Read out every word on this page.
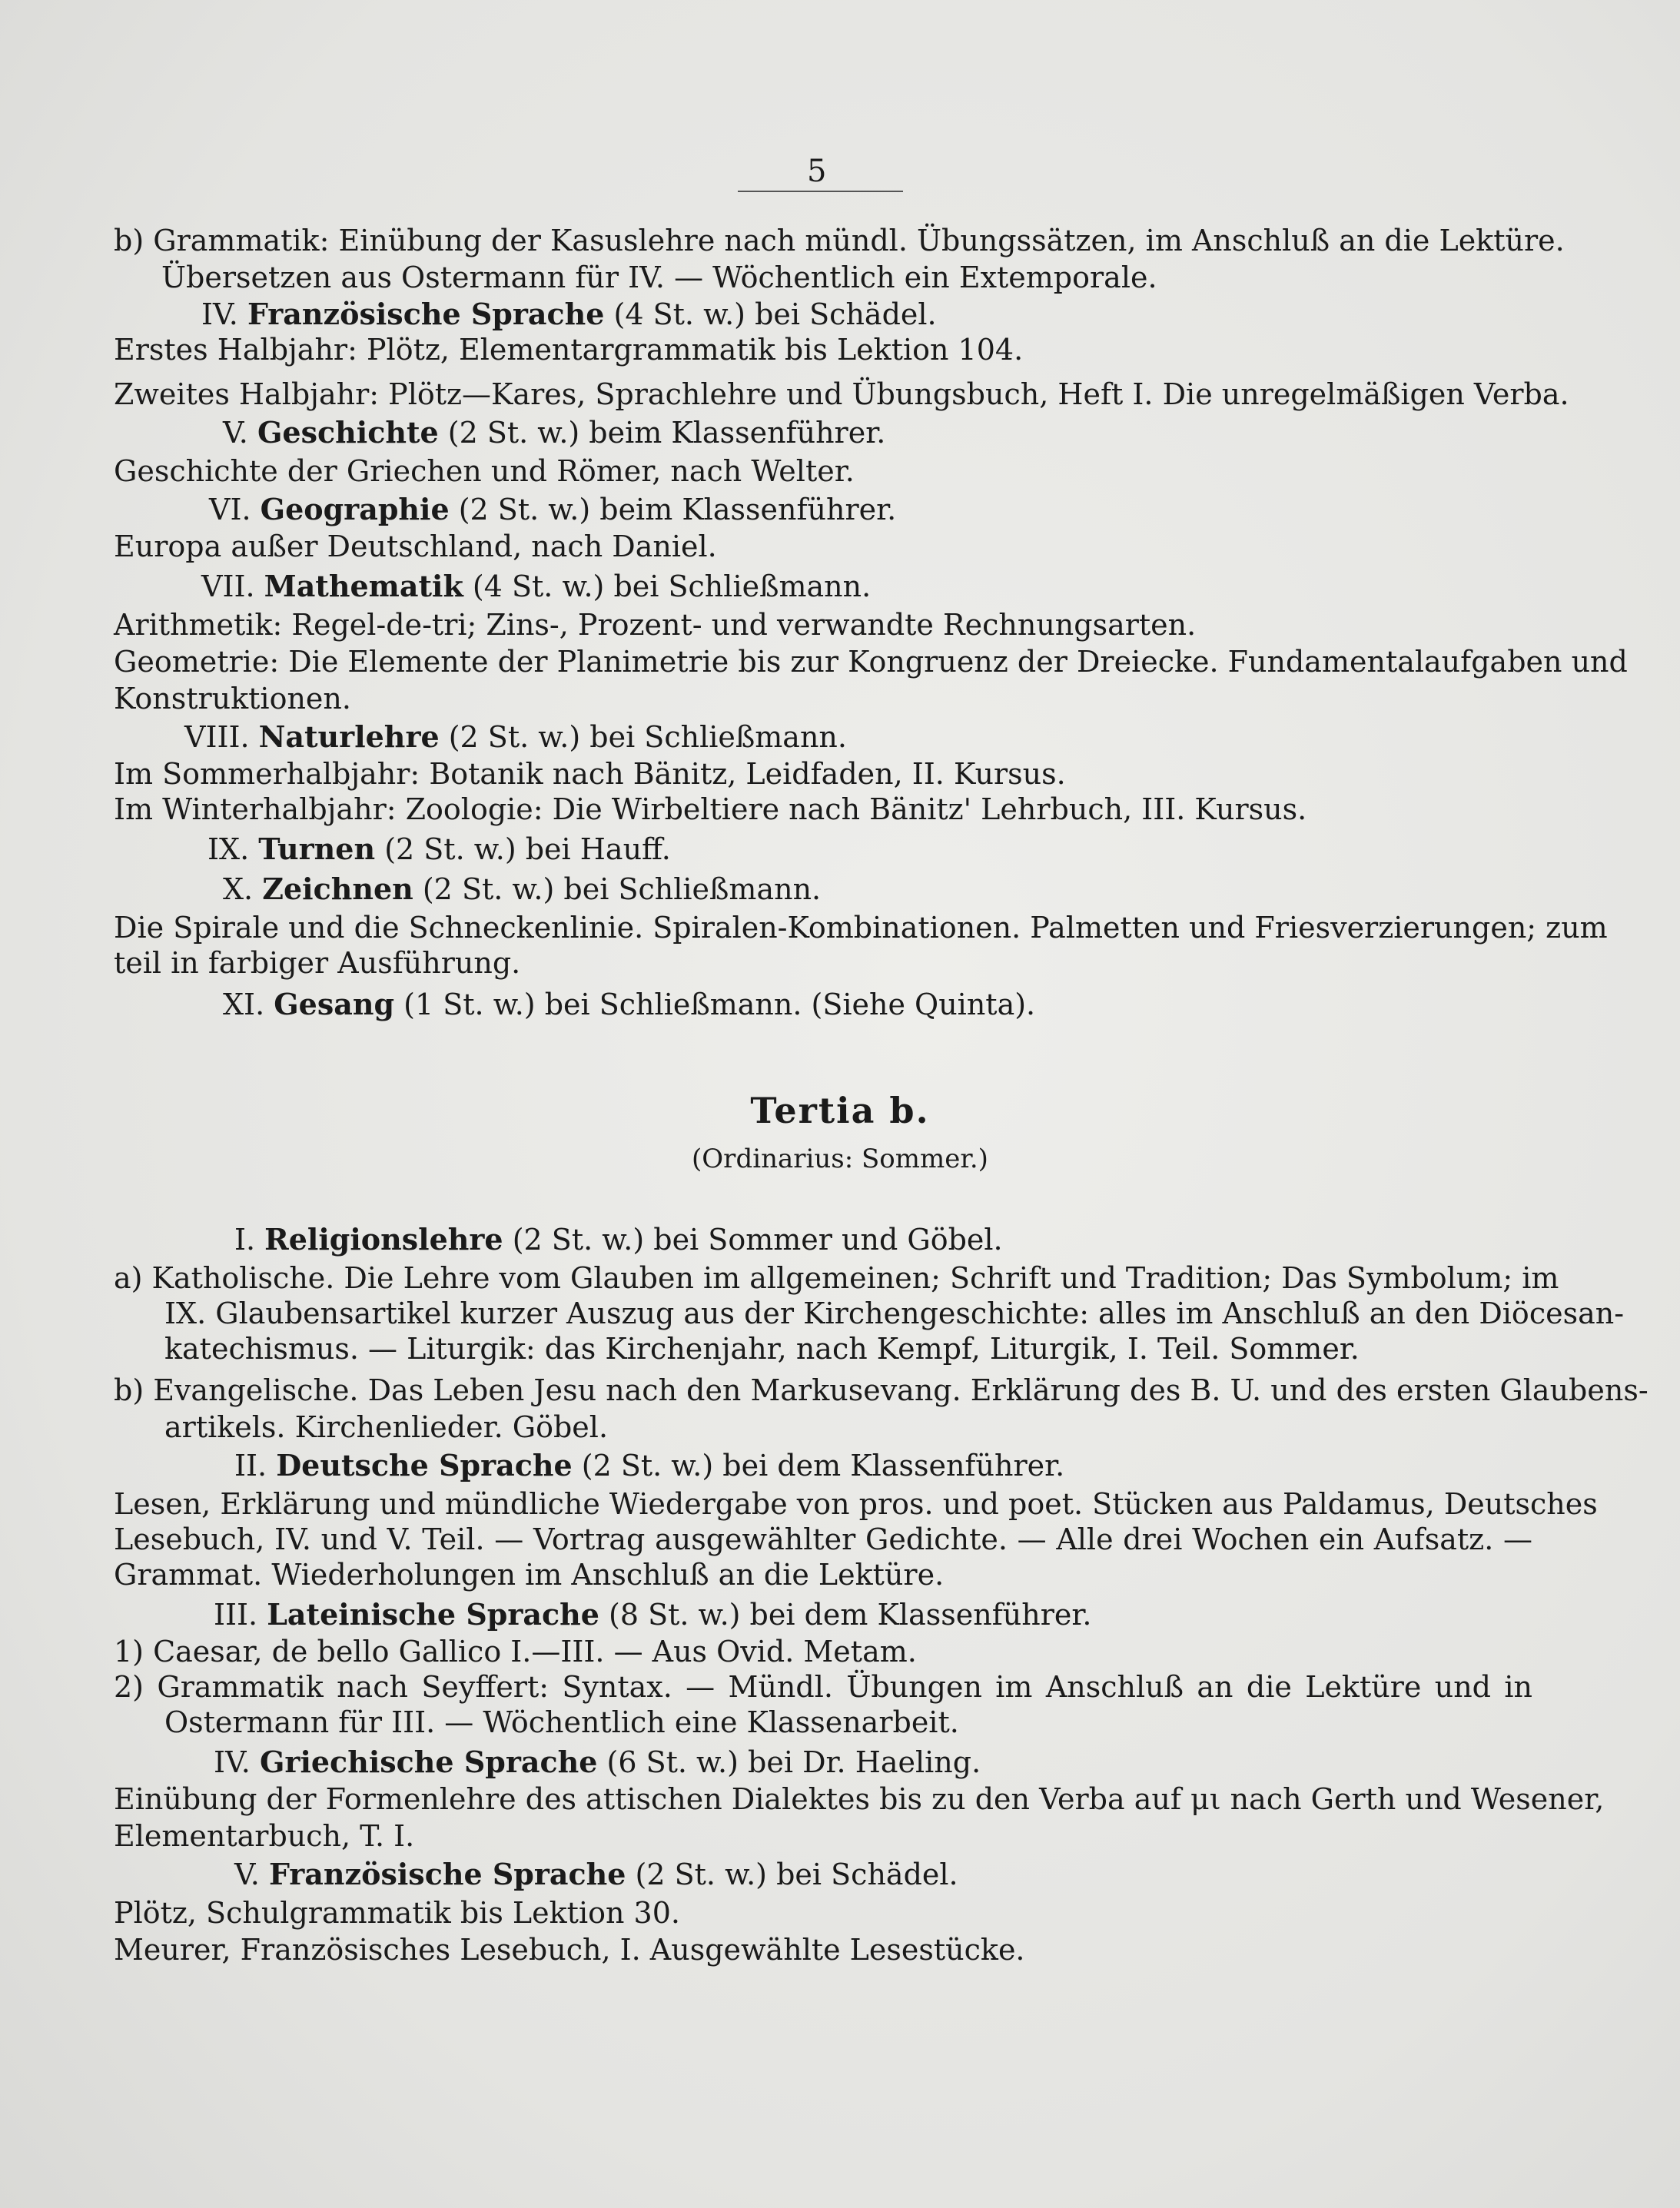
5
b) Grammatik: Einübung der Kasuslehre nach mündl. Übungssätzen, im Anschluß an die Lektüre.
Übersetzen aus Ostermann für IV. — Wöchentlich ein Extemporale.
IV. Französische Sprache (4 St. w.) bei Schädel.
Erstes Halbjahr: Plötz, Elementargrammatik bis Lektion 104.
Zweites Halbjahr: Plötz—Kares, Sprachlehre und Übungsbuch, Heft I. Die unregelmäßigen Verba.
V. Geschichte (2 St. w.) beim Klassenführer.
Geschichte der Griechen und Römer, nach Welter.
VI. Geographie (2 St. w.) beim Klassenführer.
Europa außer Deutschland, nach Daniel.
VII. Mathematik (4 St. w.) bei Schließmann.
Arithmetik: Regel-de-tri; Zins-, Prozent- und verwandte Rechnungsarten.
Geometrie: Die Elemente der Planimetrie bis zur Kongruenz der Dreiecke. Fundamentalaufgaben und
Konstruktionen.
VIII. Naturlehre (2 St. w.) bei Schließmann.
Im Sommerhalbjahr: Botanik nach Bänitz, Leidfaden, II. Kursus.
Im Winterhalbjahr: Zoologie: Die Wirbeltiere nach Bänitz' Lehrbuch, III. Kursus.
IX. Turnen (2 St. w.) bei Hauff.
X. Zeichnen (2 St. w.) bei Schließmann.
Die Spirale und die Schneckenlinie. Spiralen-Kombinationen. Palmetten und Friesverzierungen; zum
teil in farbiger Ausführung.
XI. Gesang (1 St. w.) bei Schließmann. (Siehe Quinta).
I. Religionslehre (2 St. w.) bei Sommer und Göbel.
a) Katholische. Die Lehre vom Glauben im allgemeinen; Schrift und Tradition; Das Symbolum; im
IX. Glaubensartikel kurzer Auszug aus der Kirchengeschichte: alles im Anschluß an den Diöcesan-
katechismus. — Liturgik: das Kirchenjahr, nach Kempf, Liturgik, I. Teil. Sommer.
b) Evangelische. Das Leben Jesu nach den Markusevang. Erklärung des B. U. und des ersten Glaubens-
artikels. Kirchenlieder. Göbel.
II. Deutsche Sprache (2 St. w.) bei dem Klassenführer.
Lesen, Erklärung und mündliche Wiedergabe von pros. und poet. Stücken aus Paldamus, Deutsches
Lesebuch, IV. und V. Teil. — Vortrag ausgewählter Gedichte. — Alle drei Wochen ein Aufsatz. —
Grammat. Wiederholungen im Anschluß an die Lektüre.
III. Lateinische Sprache (8 St. w.) bei dem Klassenführer.
1) Caesar, de bello Gallico I.—III. — Aus Ovid. Metam.
2) Grammatik nach Seyffert: Syntax. — Mündl. Übungen im Anschluß an die Lektüre und in
Ostermann für III. — Wöchentlich eine Klassenarbeit.
IV. Griechische Sprache (6 St. w.) bei Dr. Haeling.
Einübung der Formenlehre des attischen Dialektes bis zu den Verba auf μι nach Gerth und Wesener,
Elementarbuch, T. I.
V. Französische Sprache (2 St. w.) bei Schädel.
Plötz, Schulgrammatik bis Lektion 30.
Meurer, Französisches Lesebuch, I. Ausgewählte Lesestücke.
Tertia b.
(Ordinarius: Sommer.)
